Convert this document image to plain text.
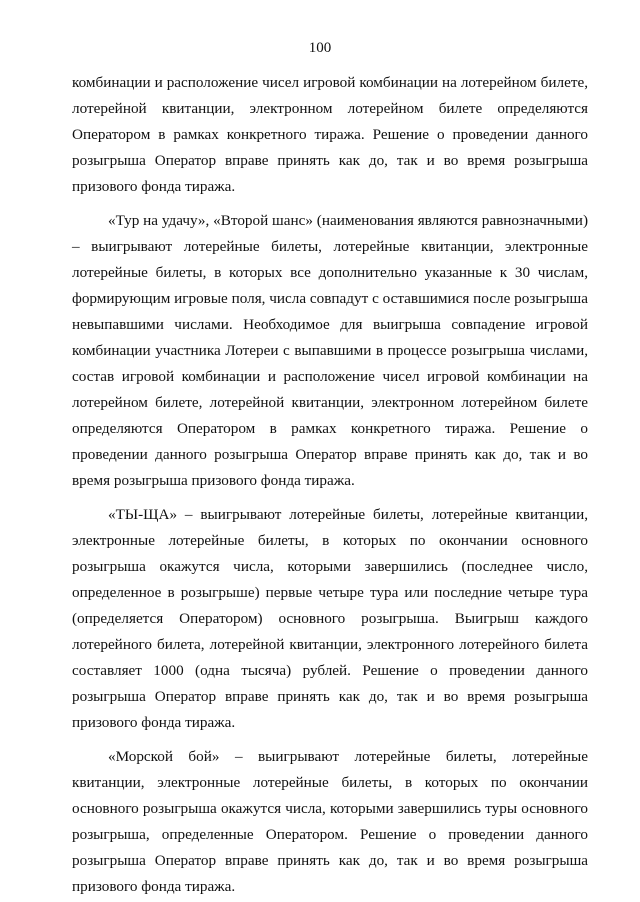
100

комбинации и расположение чисел игровой комбинации на лотерейном билете, лотерейной квитанции, электронном лотерейном билете определяются Оператором в рамках конкретного тиража. Решение о проведении данного розыгрыша Оператор вправе принять как до, так и во время розыгрыша призового фонда тиража.

«Тур на удачу», «Второй шанс» (наименования являются равнозначными) – выигрывают лотерейные билеты, лотерейные квитанции, электронные лотерейные билеты, в которых все дополнительно указанные к 30 числам, формирующим игровые поля, числа совпадут с оставшимися после розыгрыша невыпавшими числами. Необходимое для выигрыша совпадение игровой комбинации участника Лотереи с выпавшими в процессе розыгрыша числами, состав игровой комбинации и расположение чисел игровой комбинации на лотерейном билете, лотерейной квитанции, электронном лотерейном билете определяются Оператором в рамках конкретного тиража. Решение о проведении данного розыгрыша Оператор вправе принять как до, так и во время розыгрыша призового фонда тиража.

«ТЫ-ЩА» – выигрывают лотерейные билеты, лотерейные квитанции, электронные лотерейные билеты, в которых по окончании основного розыгрыша окажутся числа, которыми завершились (последнее число, определенное в розыгрыше) первые четыре тура или последние четыре тура (определяется Оператором) основного розыгрыша. Выигрыш каждого лотерейного билета, лотерейной квитанции, электронного лотерейного билета составляет 1000 (одна тысяча) рублей. Решение о проведении данного розыгрыша Оператор вправе принять как до, так и во время розыгрыша призового фонда тиража.

«Морской бой» – выигрывают лотерейные билеты, лотерейные квитанции, электронные лотерейные билеты, в которых по окончании основного розыгрыша окажутся числа, которыми завершились туры основного розыгрыша, определенные Оператором. Решение о проведении данного розыгрыша Оператор вправе принять как до, так и во время розыгрыша призового фонда тиража.
